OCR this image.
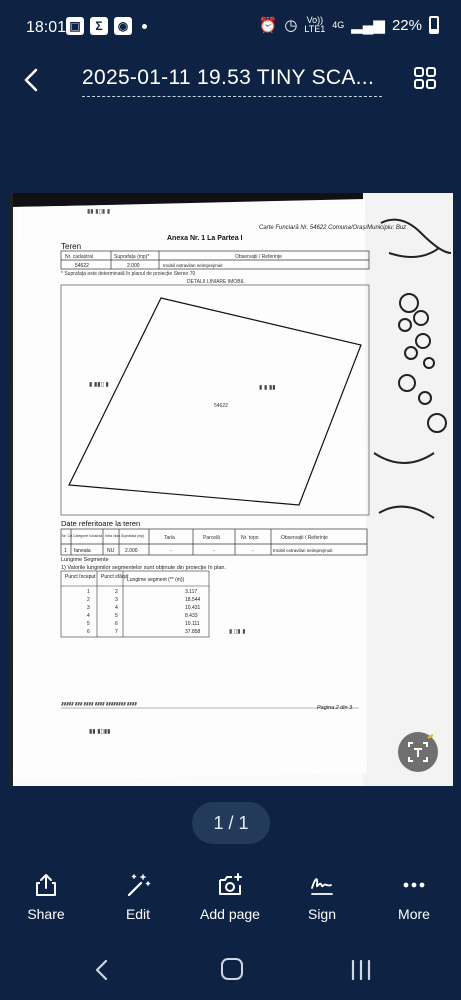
18:01 ▣	Σ	◉	⏰ ◷ Vo))
LTE1 4G ▂▄▆ 22%
2025-01-11 19.53 TINY SCA...
▮▮ ▮▯▮ ▮
Carte Funciară Nr. 54622 Comuna/Oraș/Municipiu: Buz
Anexa Nr. 1 La Partea I
Teren
Nr. cadastral	Suprafața (mp)*	Observații / Referințe
54622	2.000	Imobil extravilan neimprejmuit
* Suprafața este determinată în planul de proiecție Stereo 70
DETALII LINIARE IMOBIL
54622
▮ ▮▮▯ ▮	▮ ▮ ▮▮
Date referitoare la teren
Nr. Crt Categorie folosință Intra vilan Suprafața (mp)	Tarla	Parcelă	Nr. topo	Observații / Referințe
1 faneata	NU 2.000	-	-	-	Imobil extravilan neimprejmuit
Lungime Segmente
1) Valorile lungimilor segmentelor sunt obținute din proiecție în plan.
Punct început Punct sfârșit
Lungime segment (** (m))
1	2	3.117
2	3	18.544
3	4	10.431
4	5	8.433
5	6	10.111
6	7	37.858	▮ ▯▮ ▮
▮▮▮▮▮ ▮▮▮ ▮▮▮▮ ▮▮▮▮ ▮▮▮▮▮▮▮▮ ▮▮▮▮
Pagina 2 din 3
▮▮ ▮▯▮▮
1 / 1
Share	Edit	Add page	Sign	More
